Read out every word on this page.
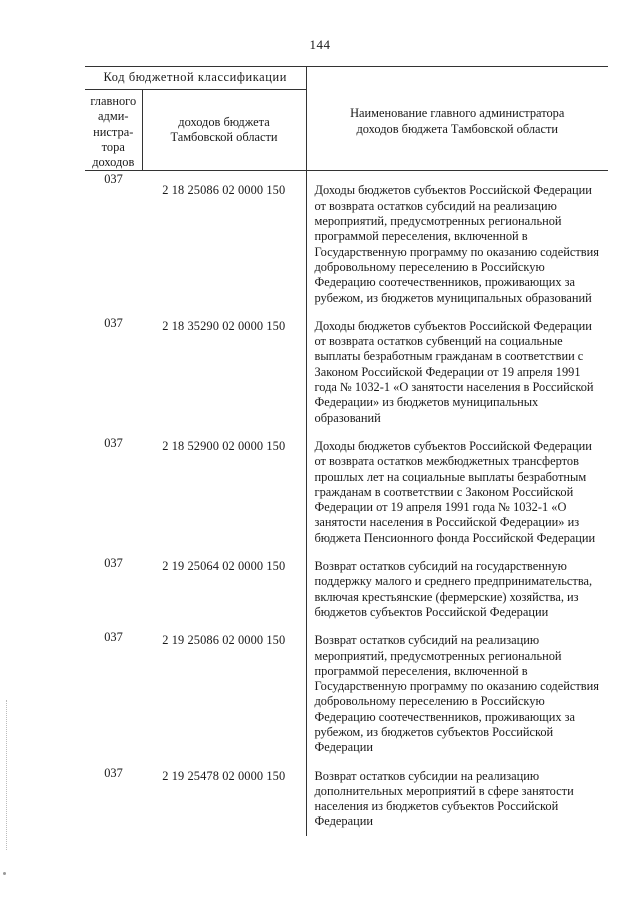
144
Код бюджетной классификации		Наименование главного администратора доходов бюджета Тамбовской области

главного адми-нистра-тора доходов	доходов бюджета Тамбовской области	

037	2 18 25086 02 0000 150	Доходы бюджетов субъектов Российской Федерации от возврата остатков субсидий на реализацию мероприятий, предусмотренных региональной программой переселения, включенной в Государственную программу по оказанию содействия добровольному переселению в Российскую Федерацию соотечественников, проживающих за рубежом, из бюджетов муниципальных образований
037	2 18 35290 02 0000 150	Доходы бюджетов субъектов Российской Федерации от возврата остатков субвенций на социальные выплаты безработным гражданам в соответствии с Законом Российской Федерации от 19 апреля 1991 года № 1032-1 «О занятости населения в Российской Федерации» из бюджетов муниципальных образований
037	2 18 52900 02 0000 150	Доходы бюджетов субъектов Российской Федерации от возврата остатков межбюджетных трансфертов прошлых лет на социальные выплаты безработным гражданам в соответствии с Законом Российской Федерации от 19 апреля 1991 года № 1032-1 «О занятости населения в Российской Федерации» из бюджета Пенсионного фонда Российской Федерации
037	2 19 25064 02 0000 150	Возврат остатков субсидий на государственную поддержку малого и среднего предпринимательства, включая крестьянские (фермерские) хозяйства, из бюджетов субъектов Российской Федерации
037	2 19 25086 02 0000 150	Возврат остатков субсидий на реализацию мероприятий, предусмотренных региональной программой переселения, включенной в Государственную программу по оказанию содействия добровольному переселению в Российскую Федерацию соотечественников, проживающих за рубежом, из бюджетов субъектов Российской Федерации
037	2 19 25478 02 0000 150	Возврат остатков субсидии на реализацию дополнительных мероприятий в сфере занятости населения из бюджетов субъектов Российской Федерации
